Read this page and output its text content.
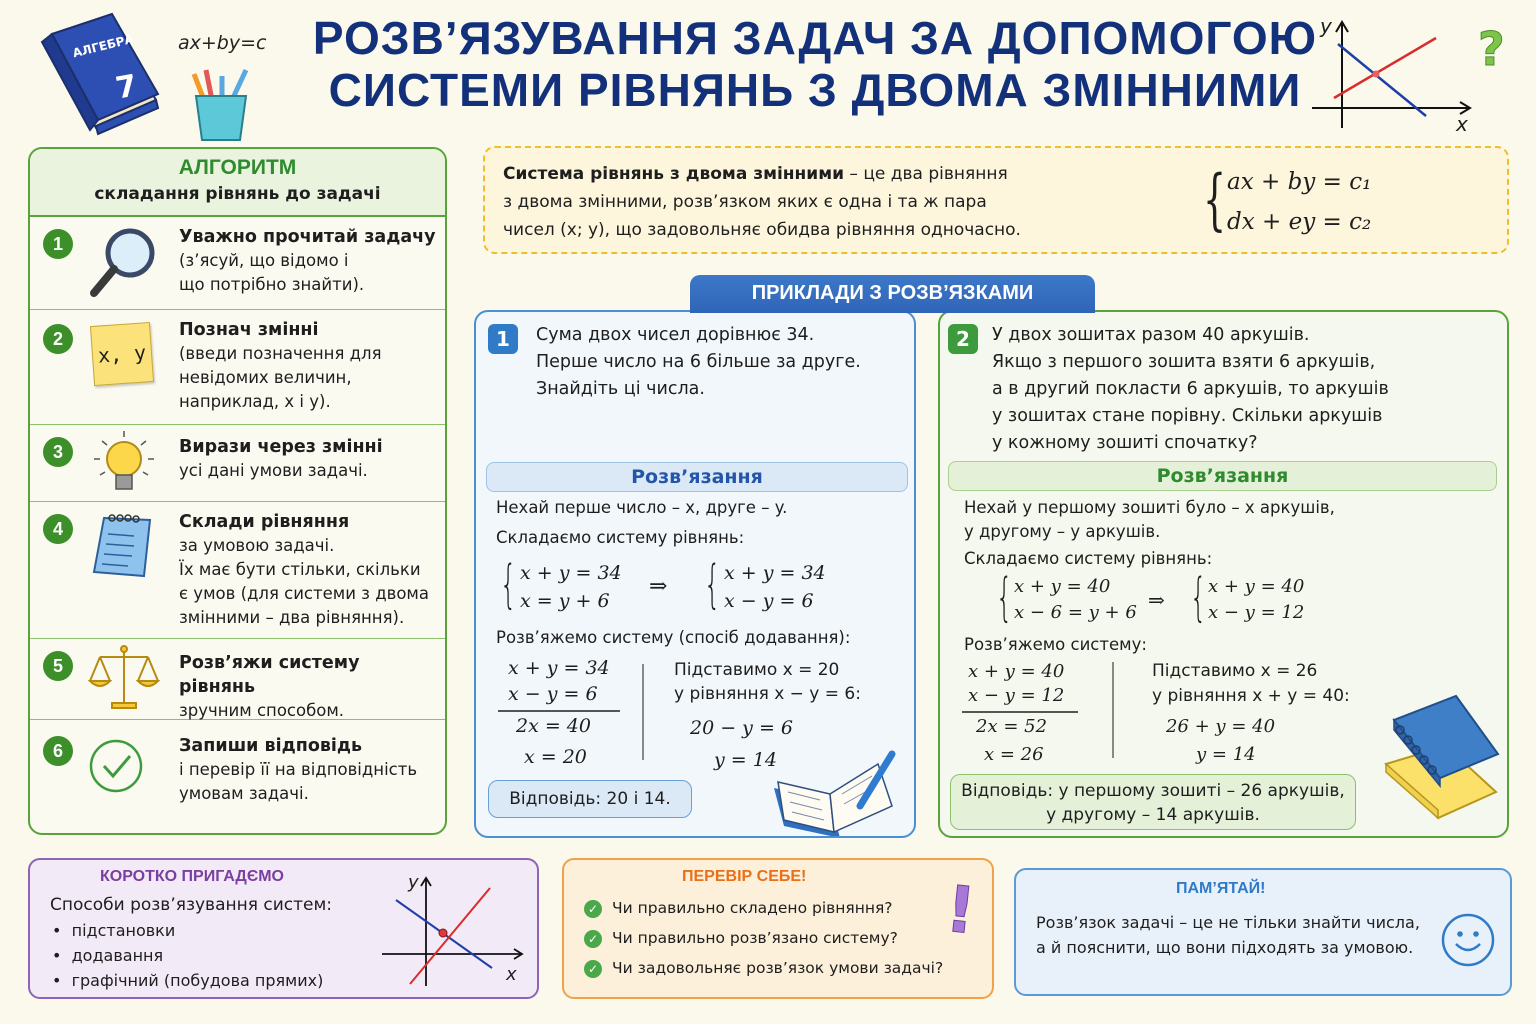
АЛГЕБРА
7
ax+by=c РОЗВ’ЯЗУВАННЯ ЗАДАЧ ЗА ДОПОМОГОЮ
СИСТЕМИ РІВНЯНЬ З ДВОМА ЗМІННИМИ
y
x
?
АЛГОРИТМ
складання рівнянь до задачі
1	Уважно прочитай задачу
(з’ясуй, що відомо і
що потрібно знайти).
2
x, y
Познач змінні
(введи позначення для
невідомих величин,
наприклад, x і y).
3	Вирази через змінні
усі дані умови задачі.
4	Склади рівняння
за умовою задачі.
Їх має бути стільки, скільки
є умов (для системи з двома
змінними – два рівняння).
5	Розв’яжи систему рівнянь
зручним способом.
6	Запиши відповідь
і перевір її на відповідність
умовам задачі.
Система рівнянь з двома змінними – це два рівняння
з двома змінними, розв’язком яких є одна і та ж пара
чисел (x; y), що задовольняє обидва рівняння одночасно.	{ ax + by = c₁
dx + ey = c₂
ПРИКЛАДИ З РОЗВ’ЯЗКАМИ
1	Сума двох чисел дорівнює 34.
Перше число на 6 більше за друге.
Знайдіть ці числа.
Розв’язання
Нехай перше число – x, друге – y.
Складаємо систему рівнянь:
{ x + y = 34
x = y + 6
⇒ { x + y = 34
x − y = 6
Розв’яжемо систему (спосіб додавання):
x + y = 34
x − y = 6
2x = 40
x = 20
Підставимо x = 20
у рівняння x − y = 6:
20 − y = 6
y = 14
Відповідь: 20 і 14.
2	У двох зошитах разом 40 аркушів.
Якщо з першого зошита взяти 6 аркушів,
а в другий покласти 6 аркушів, то аркушів
у зошитах стане порівну. Скільки аркушів
у кожному зошиті спочатку?
Розв’язання
Нехай у першому зошиті було – x аркушів,
у другому – y аркушів.
Складаємо систему рівнянь:
{ x + y = 40
x − 6 = y + 6
⇒ { x + y = 40
x − y = 12
Розв’яжемо систему:
x + y = 40
x − y = 12
2x = 52
x = 26
Підставимо x = 26
у рівняння x + y = 40:
26 + y = 40
y = 14
Відповідь: у першому зошиті – 26 аркушів,
у другому – 14 аркушів.
КОРОТКО ПРИГАДЄМО
Способи розв’язування систем:
•  підстановки
•  додавання
•  графічний (побудова прямих)
y
x
ПЕРЕВІР СЕБЕ!
✓ Чи правильно складено рівняння?
✓ Чи правильно розв’язано систему?
✓ Чи задовольняє розв’язок умови задачі?
!	ПАМ’ЯТАЙ!
Розв’язок задачі – це не тільки знайти числа,
а й пояснити, що вони підходять за умовою.
